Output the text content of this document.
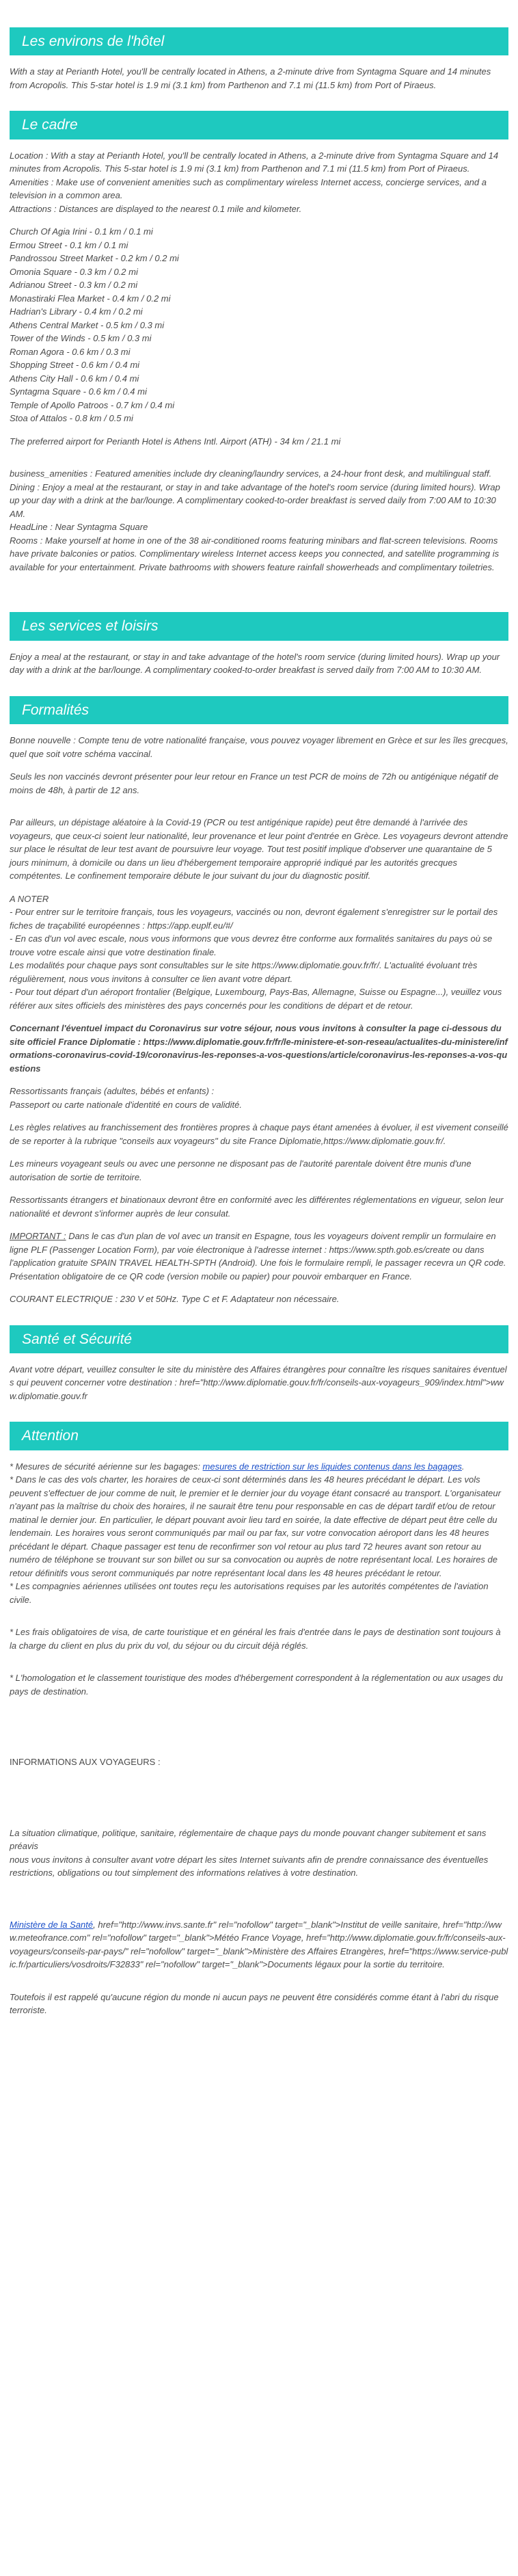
Les environs de l'hôtel

With a stay at Perianth Hotel, you'll be centrally located in Athens, a 2-minute drive from Syntagma Square and 14 minutes from Acropolis. This 5-star hotel is 1.9 mi (3.1 km) from Parthenon and 7.1 mi (11.5 km) from Port of Piraeus.

Le cadre
Location : With a stay at Perianth Hotel, you'll be centrally located in Athens, a 2-minute drive from Syntagma Square and 14 minutes from Acropolis. This 5-star hotel is 1.9 mi (3.1 km) from Parthenon and 7.1 mi (11.5 km) from Port of Piraeus.
Amenities : Make use of convenient amenities such as complimentary wireless Internet access, concierge services, and a television in a common area.
Attractions : Distances are displayed to the nearest 0.1 mile and kilometer.
Church Of Agia Irini - 0.1 km / 0.1 mi
Ermou Street - 0.1 km / 0.1 mi
Pandrossou Street Market - 0.2 km / 0.2 mi
Omonia Square - 0.3 km / 0.2 mi
Adrianou Street - 0.3 km / 0.2 mi
Monastiraki Flea Market - 0.4 km / 0.2 mi
Hadrian's Library - 0.4 km / 0.2 mi
Athens Central Market - 0.5 km / 0.3 mi
Tower of the Winds - 0.5 km / 0.3 mi
Roman Agora - 0.6 km / 0.3 mi
Shopping Street - 0.6 km / 0.4 mi
Athens City Hall - 0.6 km / 0.4 mi
Syntagma Square - 0.6 km / 0.4 mi
Temple of Apollo Patroos - 0.7 km / 0.4 mi
Stoa of Attalos - 0.8 km / 0.5 mi
The preferred airport for Perianth Hotel is Athens Intl. Airport (ATH) - 34 km / 21.1 mi
business_amenities : Featured amenities include dry cleaning/laundry services, a 24-hour front desk, and multilingual staff.
Dining : Enjoy a meal at the restaurant, or stay in and take advantage of the hotel's room service (during limited hours). Wrap up your day with a drink at the bar/lounge. A complimentary cooked-to-order breakfast is served daily from 7:00 AM to 10:30 AM.
HeadLine : Near Syntagma Square
Rooms : Make yourself at home in one of the 38 air-conditioned rooms featuring minibars and flat-screen televisions. Rooms have private balconies or patios. Complimentary wireless Internet access keeps you connected, and satellite programming is available for your entertainment. Private bathrooms with showers feature rainfall showerheads and complimentary toiletries.
Les services et loisirs

Enjoy a meal at the restaurant, or stay in and take advantage of the hotel's room service (during limited hours). Wrap up your day with a drink at the bar/lounge. A complimentary cooked-to-order breakfast is served daily from 7:00 AM to 10:30 AM.

Formalités

Bonne nouvelle : Compte tenu de votre nationalité française, vous pouvez voyager librement en Grèce et sur les îles grecques, quel que soit votre schéma vaccinal.

Seuls les non vaccinés devront présenter pour leur retour en France un test PCR de moins de 72h ou antigénique négatif de moins de 48h, à partir de 12 ans.

Par ailleurs, un dépistage aléatoire à la Covid-19 (PCR ou test antigénique rapide) peut être demandé à l'arrivée des voyageurs, que ceux-ci soient leur nationalité, leur provenance et leur point d'entrée en Grèce. Les voyageurs devront attendre sur place le résultat de leur test avant de poursuivre leur voyage. Tout test positif implique d'observer une quarantaine de 5 jours minimum, à domicile ou dans un lieu d'hébergement temporaire approprié indiqué par les autorités grecques compétentes. Le confinement temporaire débute le jour suivant du jour du diagnostic positif.

A NOTER
- Pour entrer sur le territoire français, tous les voyageurs, vaccinés ou non, devront également s'enregistrer sur le portail des fiches de traçabilité européennes : https://app.euplf.eu/#/
- En cas d'un vol avec escale, nous vous informons que vous devrez être conforme aux formalités sanitaires du pays où se trouve votre escale ainsi que votre destination finale.
Les modalités pour chaque pays sont consultables sur le site https://www.diplomatie.gouv.fr/fr/. L'actualité évoluant très régulièrement, nous vous invitons à consulter ce lien avant votre départ.
- Pour tout départ d'un aéroport frontalier (Belgique, Luxembourg, Pays-Bas, Allemagne, Suisse ou Espagne...), veuillez vous référer aux sites officiels des ministères des pays concernés pour les conditions de départ et de retour.

Concernant l'éventuel impact du Coronavirus sur votre séjour, nous vous invitons à consulter la page ci-dessous du site officiel France Diplomatie : https://www.diplomatie.gouv.fr/fr/le-ministere-et-son-reseau/actualites-du-ministere/informations-coronavirus-covid-19/coronavirus-les-reponses-a-vos-questions/article/coronavirus-les-reponses-a-vos-questions

Ressortissants français (adultes, bébés et enfants) :
Passeport ou carte nationale d'identité en cours de validité.

Les règles relatives au franchissement des frontières propres à chaque pays étant amenées à évoluer, il est vivement conseillé de se reporter à la rubrique "conseils aux voyageurs" du site France Diplomatie,https://www.diplomatie.gouv.fr/.

Les mineurs voyageant seuls ou avec une personne ne disposant pas de l'autorité parentale doivent être munis d'une autorisation de sortie de territoire.

Ressortissants étrangers et binationaux devront être en conformité avec les différentes réglementations en vigueur, selon leur nationalité et devront s'informer auprès de leur consulat.

IMPORTANT : Dans le cas d'un plan de vol avec un transit en Espagne, tous les voyageurs doivent remplir un formulaire en ligne PLF (Passenger Location Form), par voie électronique à l'adresse internet : https://www.spth.gob.es/create ou dans l'application gratuite SPAIN TRAVEL HEALTH-SPTH (Android). Une fois le formulaire rempli, le passager recevra un QR code. Présentation obligatoire de ce QR code (version mobile ou papier) pour pouvoir embarquer en France.

COURANT ELECTRIQUE : 230 V et 50Hz. Type C et F. Adaptateur non nécessaire.

Santé et Sécurité

Avant votre départ, veuillez consulter le site du ministère des Affaires étrangères pour connaître les risques sanitaires éventuels qui peuvent concerner votre destination : href="http://www.diplomatie.gouv.fr/fr/conseils-aux-voyageurs_909/index.html">www.diplomatie.gouv.fr

Attention
* Mesures de sécurité aérienne sur les bagages: mesures de restriction sur les liquides contenus dans les bagages.
* Dans le cas des vols charter, les horaires de ceux-ci sont déterminés dans les 48 heures précédant le départ. Les vols peuvent s'effectuer de jour comme de nuit, le premier et le dernier jour du voyage étant consacré au transport. L'organisateur n'ayant pas la maîtrise du choix des horaires, il ne saurait être tenu pour responsable en cas de départ tardif et/ou de retour matinal le dernier jour. En particulier, le départ pouvant avoir lieu tard en soirée, la date effective de départ peut être celle du lendemain. Les horaires vous seront communiqués par mail ou par fax, sur votre convocation aéroport dans les 48 heures précédant le départ. Chaque passager est tenu de reconfirmer son vol retour au plus tard 72 heures avant son retour au numéro de téléphone se trouvant sur son billet ou sur sa convocation ou auprès de notre représentant local. Les horaires de retour définitifs vous seront communiqués par notre représentant local dans les 48 heures précédant le retour.
* Les compagnies aériennes utilisées ont toutes reçu les autorisations requises par les autorités compétentes de l'aviation civile.
* Les frais obligatoires de visa, de carte touristique et en général les frais d'entrée dans le pays de destination sont toujours à la charge du client en plus du prix du vol, du séjour ou du circuit déjà réglés.
* L'homologation et le classement touristique des modes d'hébergement correspondent à la réglementation ou aux usages du pays de destination.
INFORMATIONS AUX VOYAGEURS :
La situation climatique, politique, sanitaire, réglementaire de chaque pays du monde pouvant changer subitement et sans préavis
nous vous invitons à consulter avant votre départ les sites Internet suivants afin de prendre connaissance des éventuelles restrictions, obligations ou tout simplement des informations relatives à votre destination.
Ministère de la Santé, href="http://www.invs.sante.fr" rel="nofollow" target="_blank">Institut de veille sanitaire, href="http://www.meteofrance.com" rel="nofollow" target="_blank">Météo France Voyage, href="http://www.diplomatie.gouv.fr/fr/conseils-aux-voyageurs/conseils-par-pays/" rel="nofollow" target="_blank">Ministère des Affaires Etrangères, href="https://www.service-public.fr/particuliers/vosdroits/F32833" rel="nofollow" target="_blank">Documents légaux pour la sortie du territoire.
Toutefois il est rappelé qu'aucune région du monde ni aucun pays ne peuvent être considérés comme étant à l'abri du risque terroriste.
